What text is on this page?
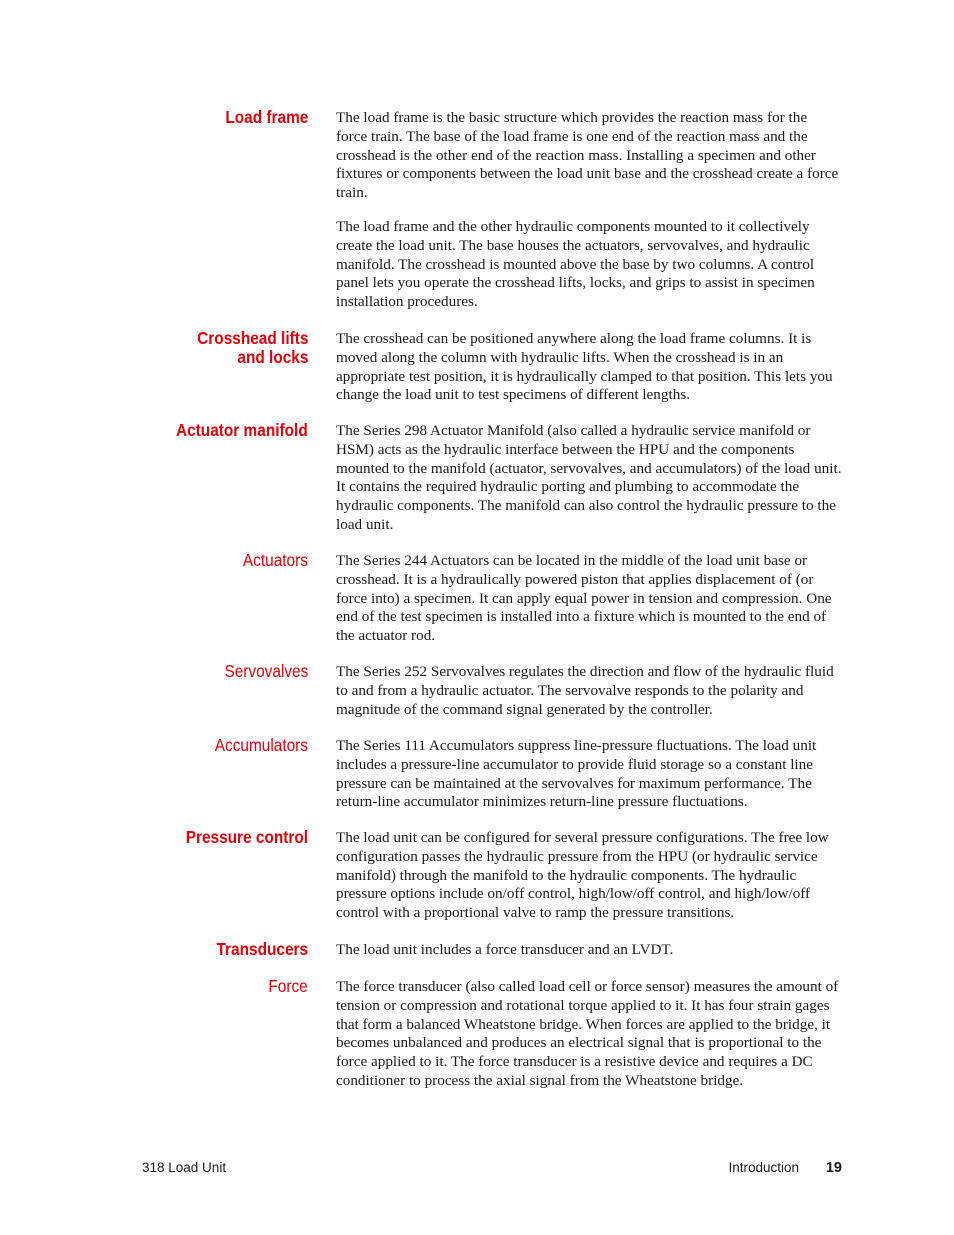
Load frame The load frame is the basic structure which provides the reaction mass for the force train. The base of the load frame is one end of the reaction mass and the crosshead is the other end of the reaction mass. Installing a specimen and other fixtures or components between the load unit base and the crosshead create a force train.

The load frame and the other hydraulic components mounted to it collectively create the load unit. The base houses the actuators, servovalves, and hydraulic manifold. The crosshead is mounted above the base by two columns. A control panel lets you operate the crosshead lifts, locks, and grips to assist in specimen installation procedures.

Crosshead lifts
and locks

The crosshead can be positioned anywhere along the load frame columns. It is moved along the column with hydraulic lifts. When the crosshead is in an appropriate test position, it is hydraulically clamped to that position. This lets you change the load unit to test specimens of different lengths.

Actuator manifold The Series 298 Actuator Manifold (also called a hydraulic service manifold or HSM) acts as the hydraulic interface between the HPU and the components mounted to the manifold (actuator, servovalves, and accumulators) of the load unit. It contains the required hydraulic porting and plumbing to accommodate the hydraulic components. The manifold can also control the hydraulic pressure to the load unit.

Actuators The Series 244 Actuators can be located in the middle of the load unit base or crosshead. It is a hydraulically powered piston that applies displacement of (or force into) a specimen. It can apply equal power in tension and compression. One end of the test specimen is installed into a fixture which is mounted to the end of the actuator rod.

Servovalves The Series 252 Servovalves regulates the direction and flow of the hydraulic fluid to and from a hydraulic actuator. The servovalve responds to the polarity and magnitude of the command signal generated by the controller.

Accumulators The Series 111 Accumulators suppress line-pressure fluctuations. The load unit includes a pressure-line accumulator to provide fluid storage so a constant line pressure can be maintained at the servovalves for maximum performance. The return-line accumulator minimizes return-line pressure fluctuations.

Pressure control The load unit can be configured for several pressure configurations. The free low configuration passes the hydraulic pressure from the HPU (or hydraulic service manifold) through the manifold to the hydraulic components. The hydraulic pressure options include on/off control, high/low/off control, and high/low/off control with a proportional valve to ramp the pressure transitions.

Transducers The load unit includes a force transducer and an LVDT.

Force The force transducer (also called load cell or force sensor) measures the amount of tension or compression and rotational torque applied to it. It has four strain gages that form a balanced Wheatstone bridge. When forces are applied to the bridge, it becomes unbalanced and produces an electrical signal that is proportional to the force applied to it. The force transducer is a resistive device and requires a DC conditioner to process the axial signal from the Wheatstone bridge.

318 Load Unit	Introduction 19
